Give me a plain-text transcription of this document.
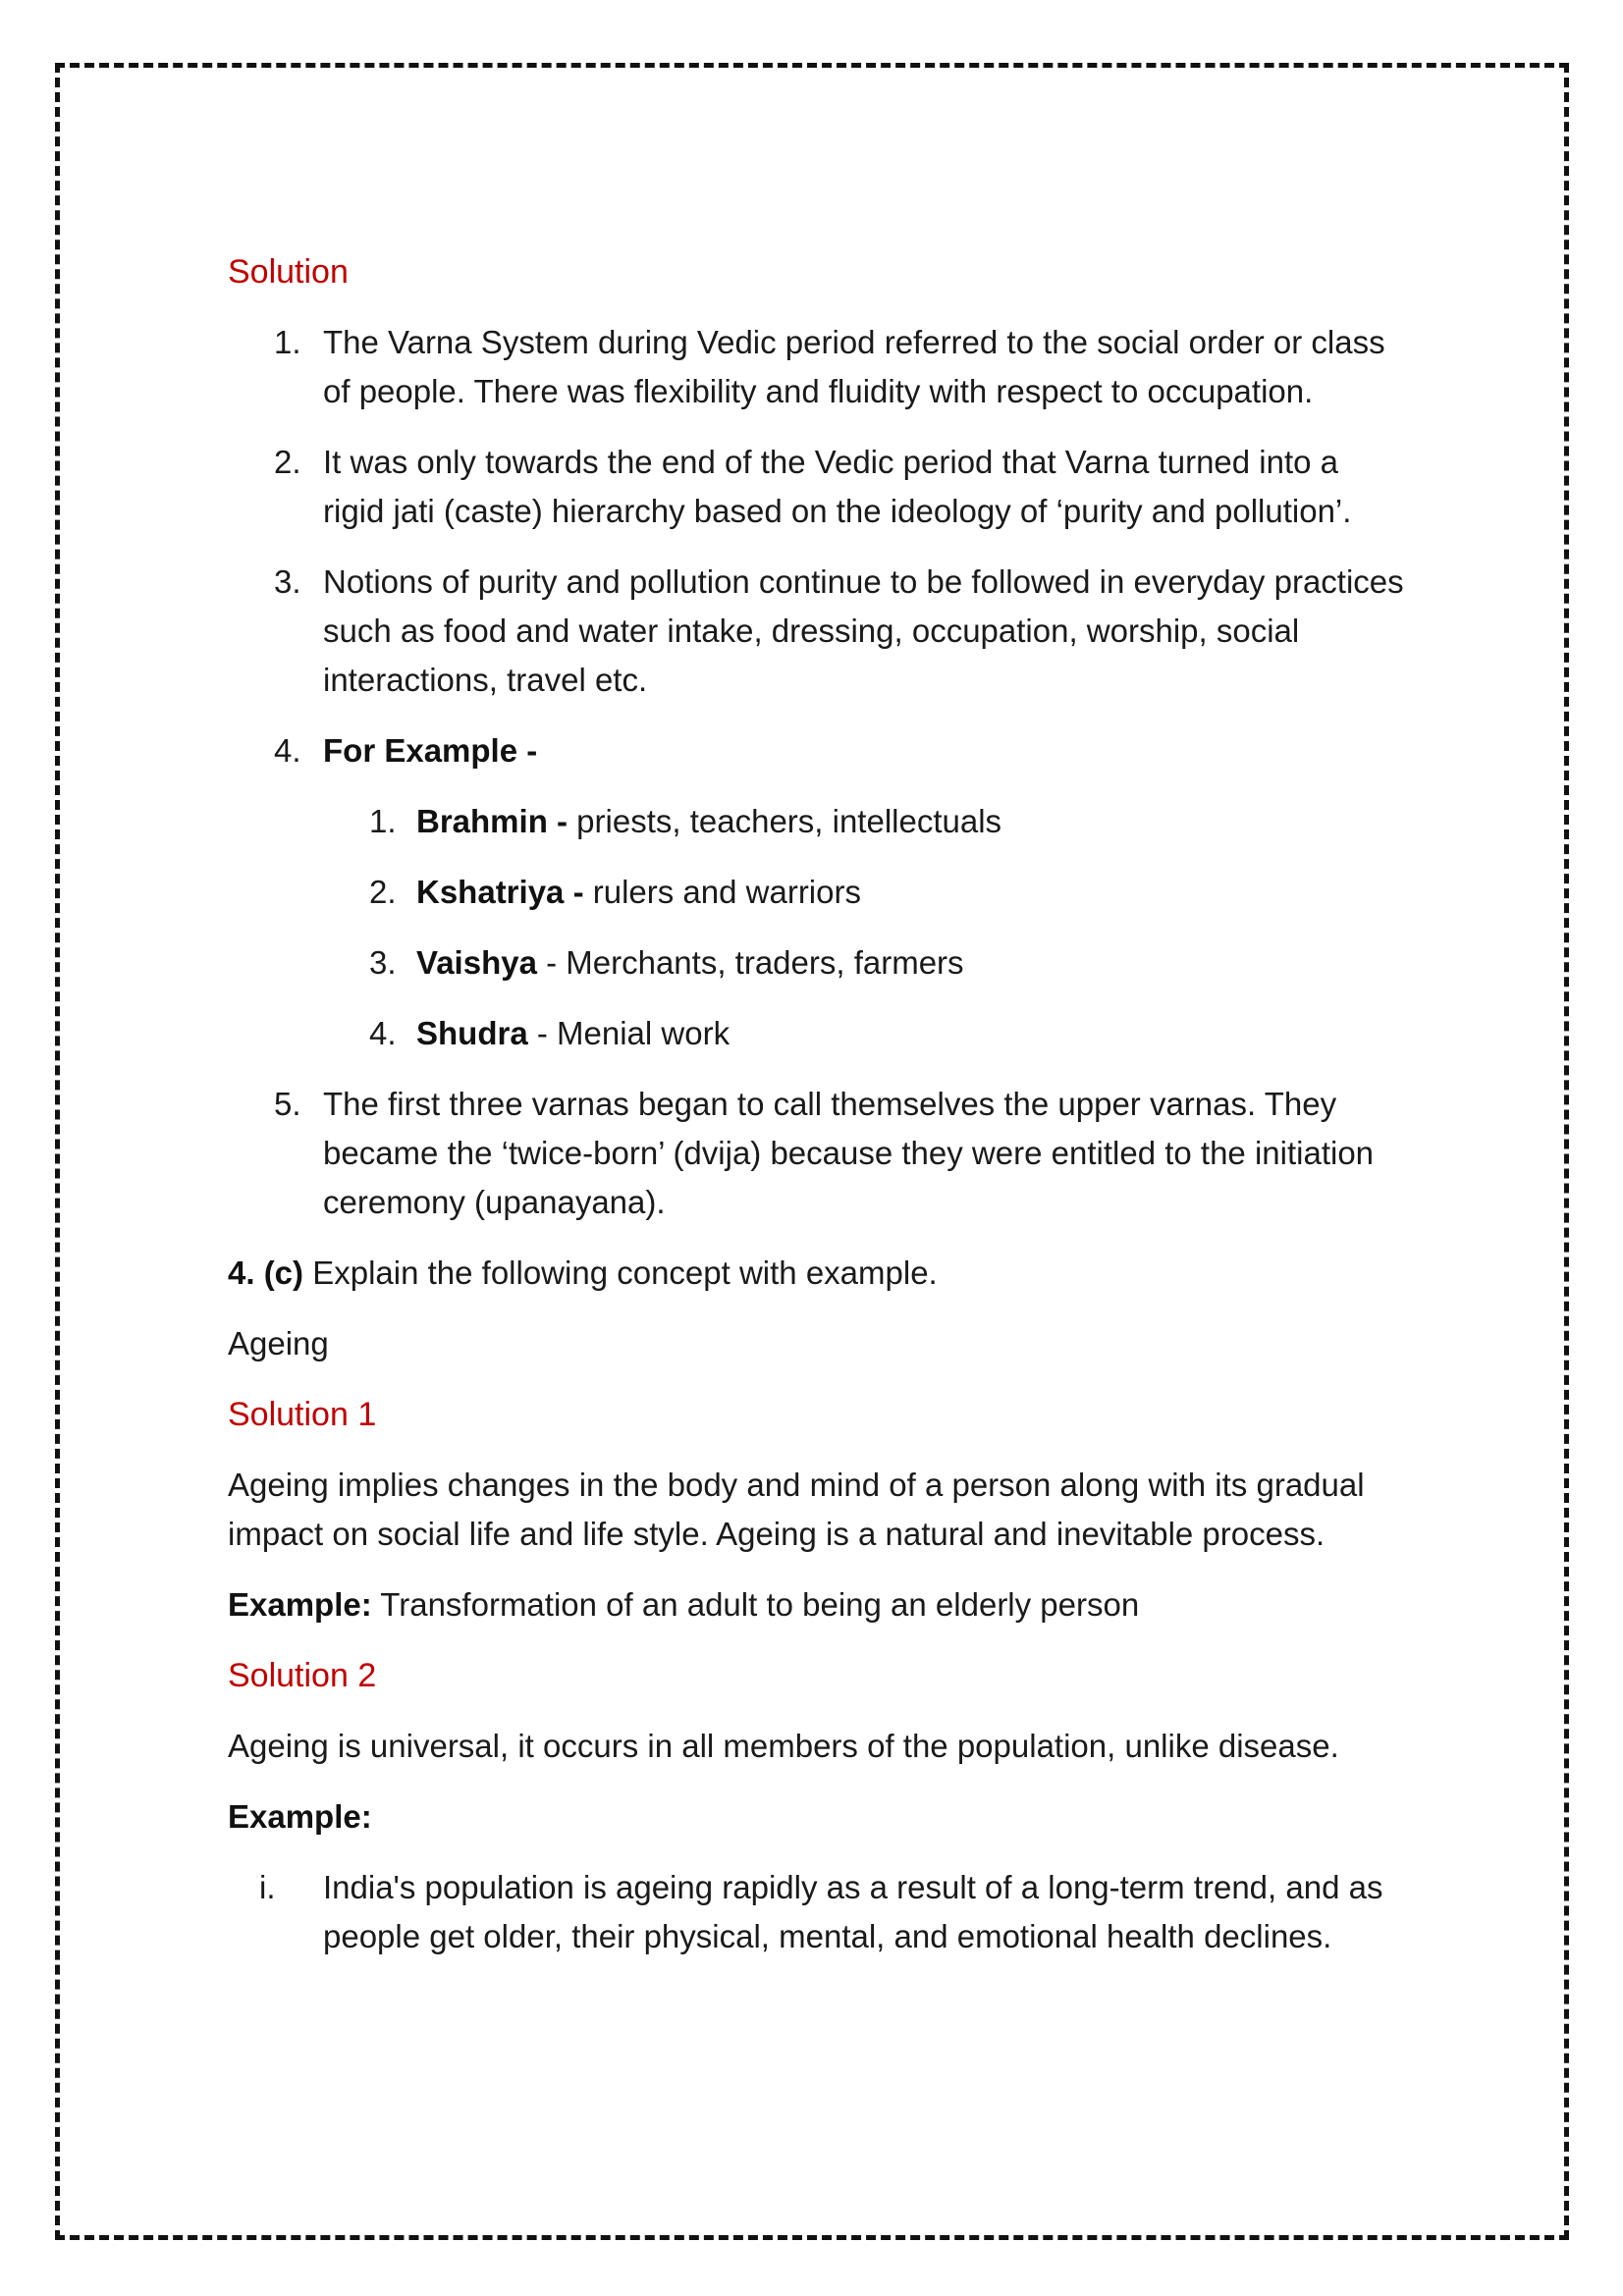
Solution
1. The Varna System during Vedic period referred to the social order or class of people. There was flexibility and fluidity with respect to occupation.
2. It was only towards the end of the Vedic period that Varna turned into a rigid jati (caste) hierarchy based on the ideology of ‘purity and pollution’.
3. Notions of purity and pollution continue to be followed in everyday practices such as food and water intake, dressing, occupation, worship, social interactions, travel etc.
4. For Example -
1. Brahmin - priests, teachers, intellectuals
2. Kshatriya - rulers and warriors
3. Vaishya - Merchants, traders, farmers
4. Shudra - Menial work
5. The first three varnas began to call themselves the upper varnas. They became the ‘twice-born’ (dvija) because they were entitled to the initiation ceremony (upanayana).
4. (c) Explain the following concept with example.
Ageing
Solution 1
Ageing implies changes in the body and mind of a person along with its gradual impact on social life and life style. Ageing is a natural and inevitable process.
Example: Transformation of an adult to being an elderly person
Solution 2
Ageing is universal, it occurs in all members of the population, unlike disease.
Example:
i. India's population is ageing rapidly as a result of a long-term trend, and as people get older, their physical, mental, and emotional health declines.
